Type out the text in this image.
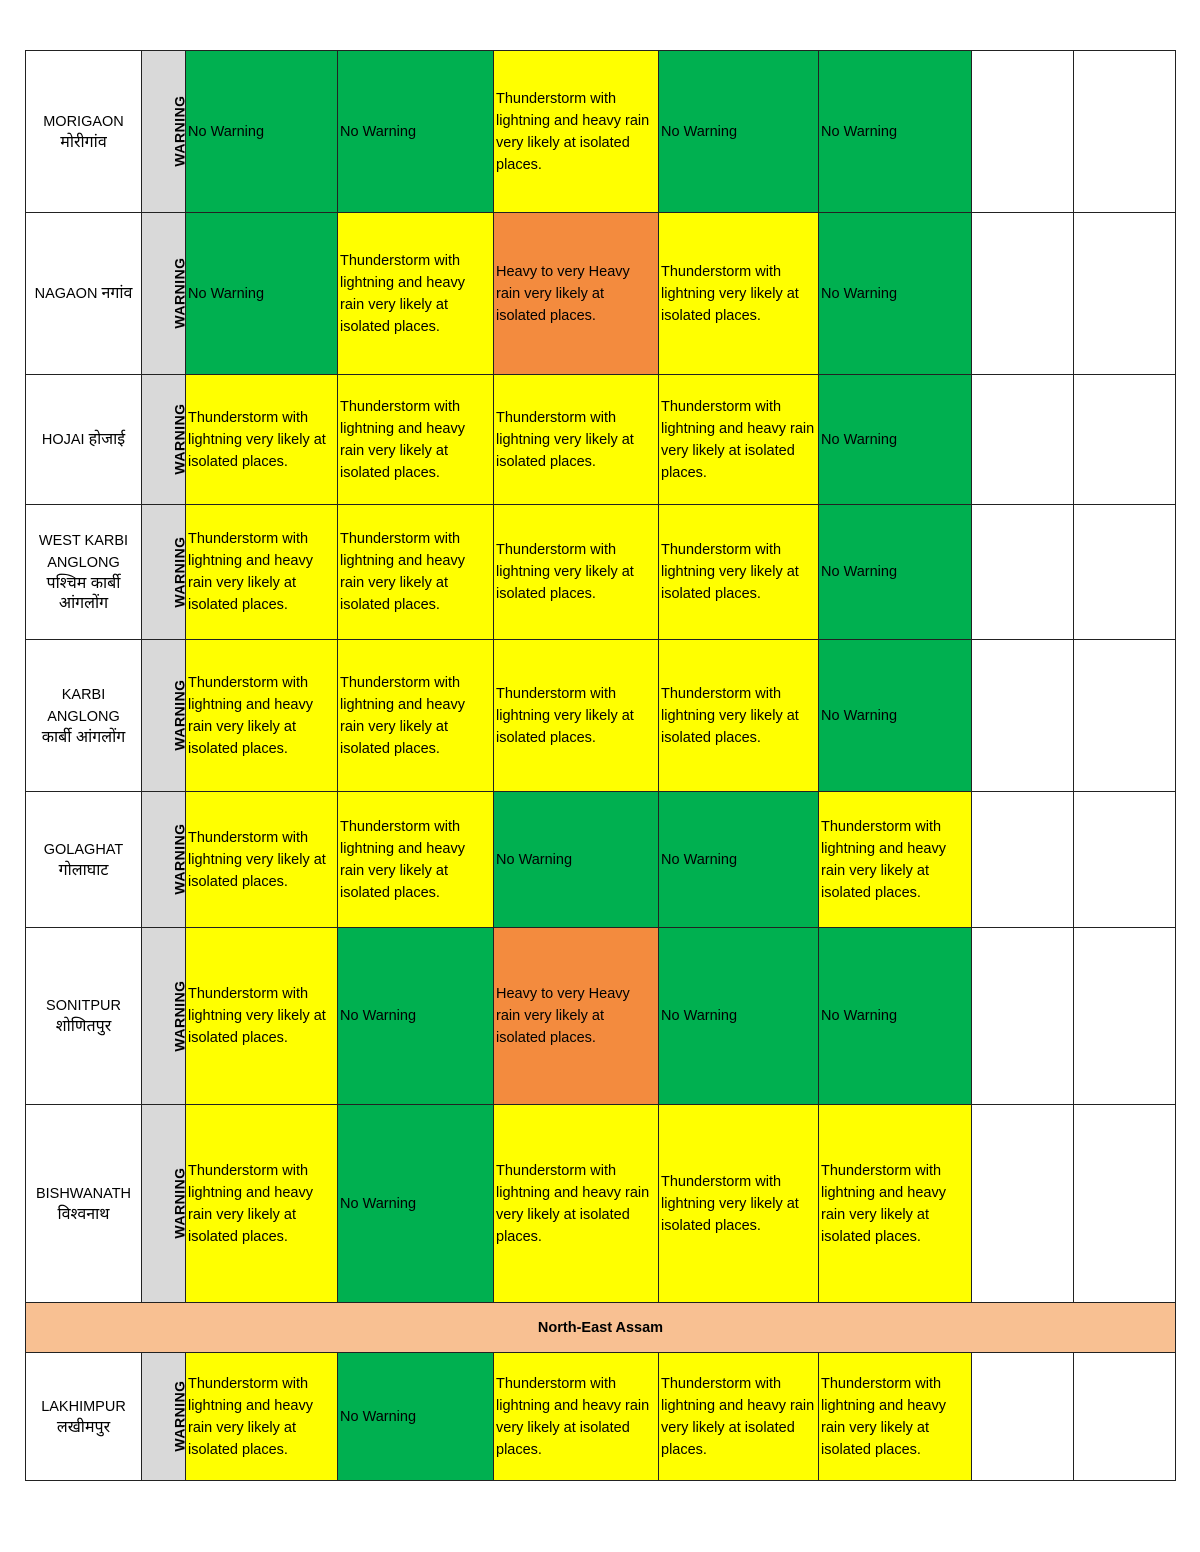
MORIGAON
मोरीगांव	WARNING	No Warning	No Warning	Thunderstorm with lightning and heavy rain very likely at isolated places.	No Warning	No Warning		
NAGAON नगांव	WARNING	No Warning	Thunderstorm with lightning and heavy rain very likely at isolated places.	Heavy to very Heavy rain very likely at isolated places.	Thunderstorm with lightning very likely at isolated places.	No Warning		
HOJAI होजाई	WARNING	Thunderstorm with lightning very likely at isolated places.	Thunderstorm with lightning and heavy rain very likely at isolated places.	Thunderstorm with lightning very likely at isolated places.	Thunderstorm with lightning and heavy rain very likely at isolated places.	No Warning		

WEST KARBI ANGLONG
पश्चिम कार्बी आंगलोंग	WARNING	Thunderstorm with lightning and heavy rain very likely at isolated places.	Thunderstorm with lightning and heavy rain very likely at isolated places.	Thunderstorm with lightning very likely at isolated places.	Thunderstorm with lightning very likely at isolated places.	No Warning		

KARBI ANGLONG
कार्बी आंगलोंग	WARNING	Thunderstorm with lightning and heavy rain very likely at isolated places.	Thunderstorm with lightning and heavy rain very likely at isolated places.	Thunderstorm with lightning very likely at isolated places.	Thunderstorm with lightning very likely at isolated places.	No Warning		

GOLAGHAT
गोलाघाट	WARNING	Thunderstorm with lightning very likely at isolated places.	Thunderstorm with lightning and heavy rain very likely at isolated places.	No Warning	No Warning	Thunderstorm with lightning and heavy rain very likely at isolated places.		

SONITPUR
शोणितपुर	WARNING	Thunderstorm with lightning very likely at isolated places.	No Warning	Heavy to very Heavy rain very likely at isolated places.	No Warning	No Warning		

BISHWANATH
विश्वनाथ	WARNING	Thunderstorm with lightning and heavy rain very likely at isolated places.	No Warning	Thunderstorm with lightning and heavy rain very likely at isolated places.	Thunderstorm with lightning very likely at isolated places.	Thunderstorm with lightning and heavy rain very likely at isolated places.		
North-East Assam								

LAKHIMPUR
लखीमपुर	WARNING	Thunderstorm with lightning and heavy rain very likely at isolated places.	No Warning	Thunderstorm with lightning and heavy rain very likely at isolated places.	Thunderstorm with lightning and heavy rain very likely at isolated places.	Thunderstorm with lightning and heavy rain very likely at isolated places.		
